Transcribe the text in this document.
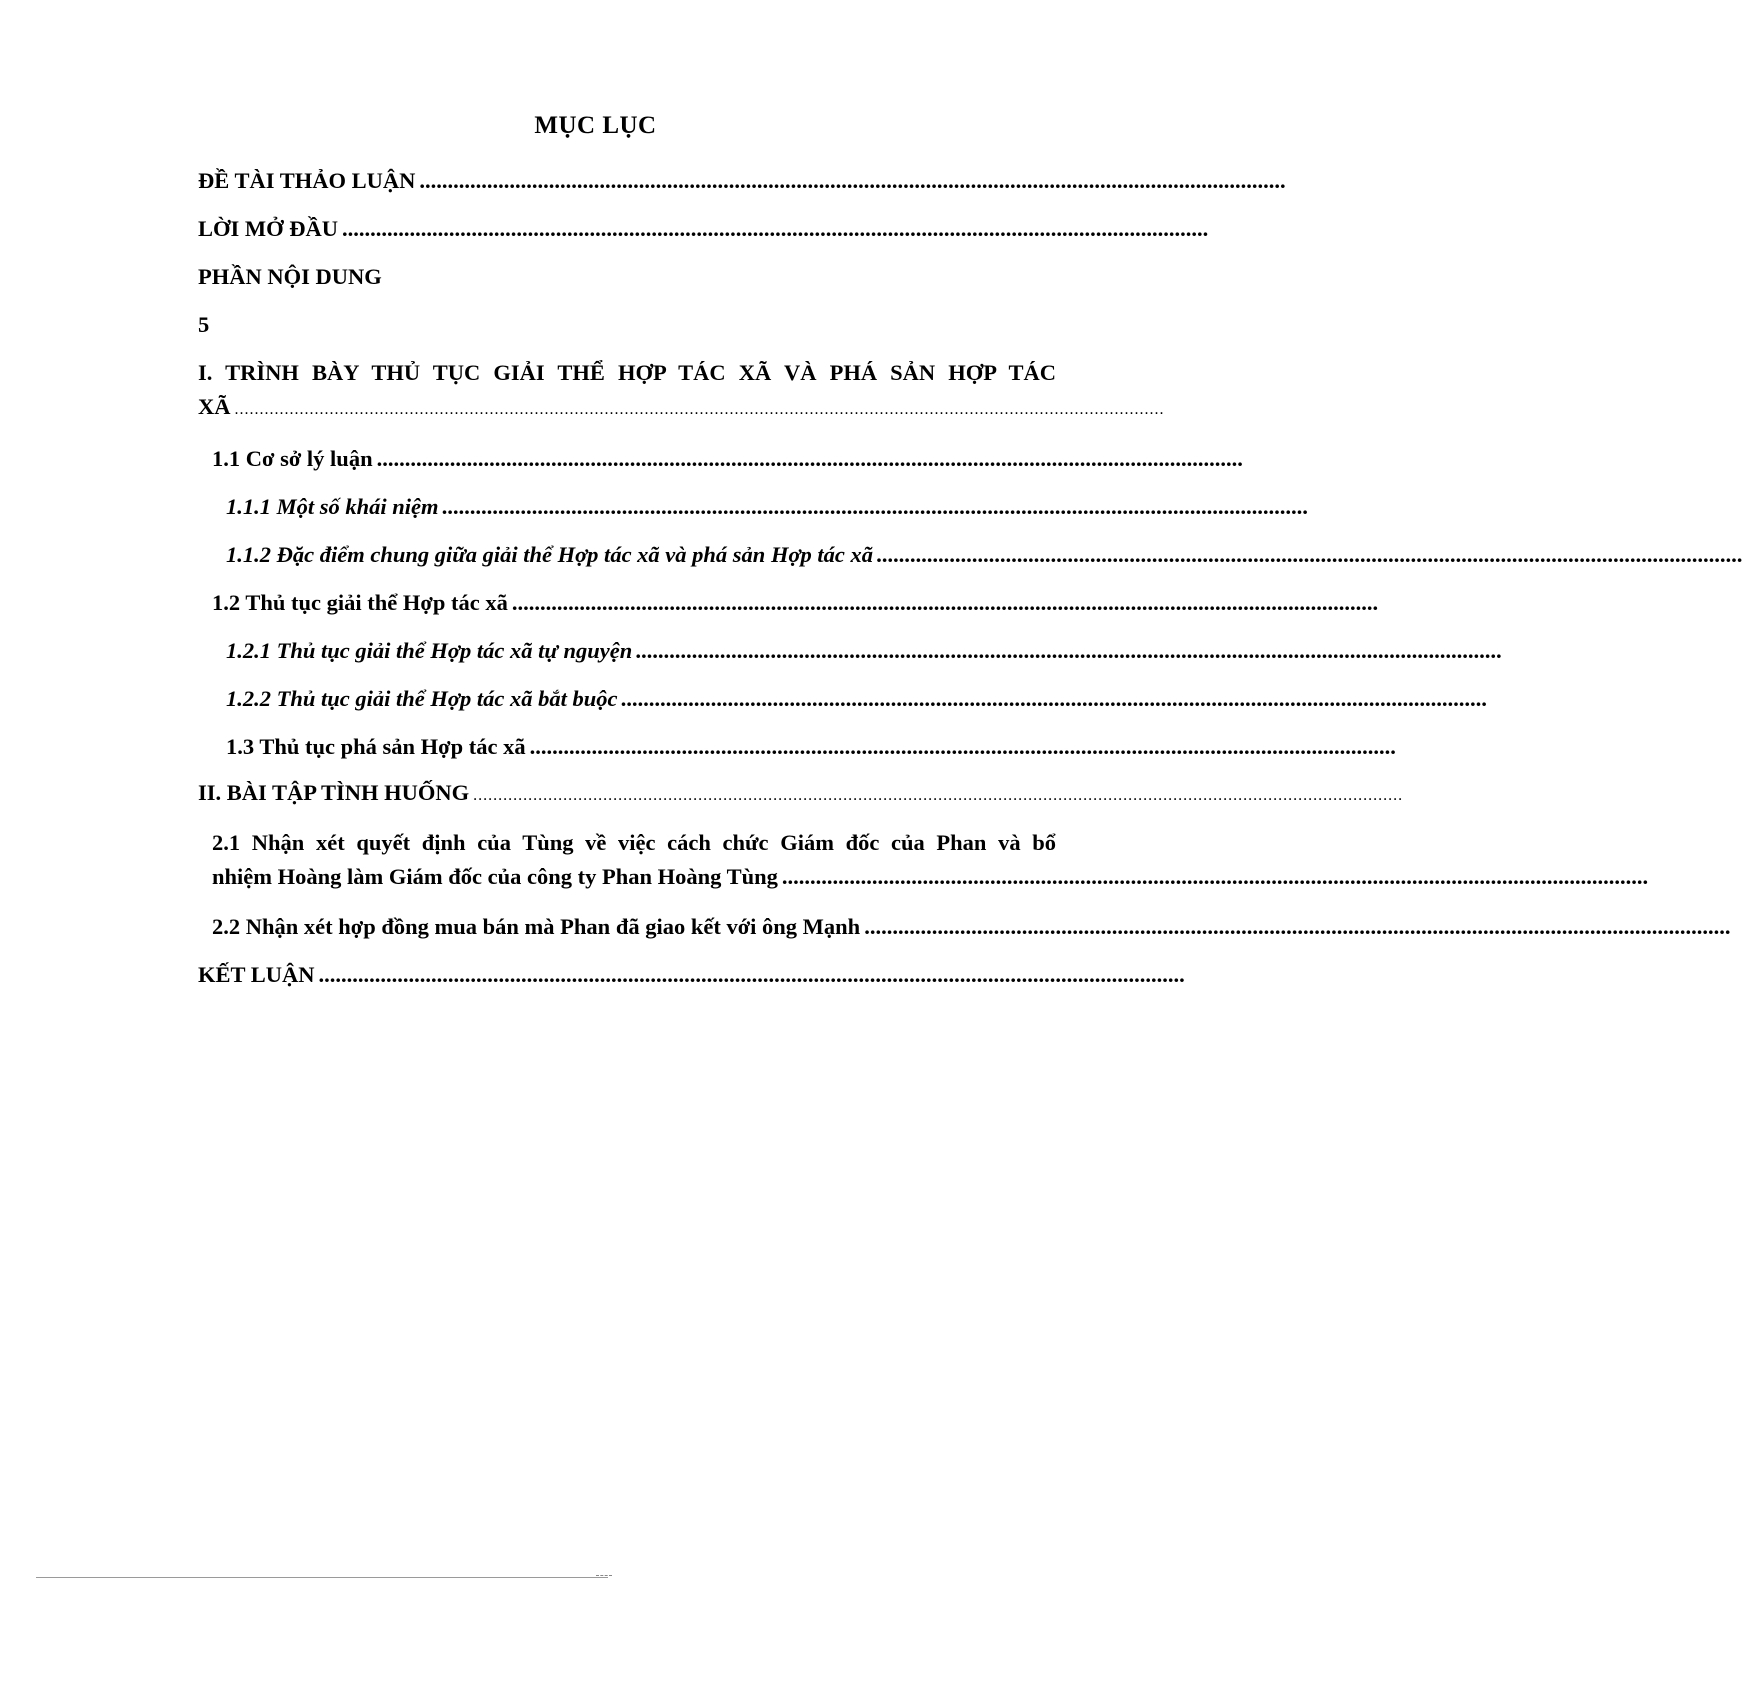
MỤC LỤC
ĐỀ TÀI THẢO LUẬN ..........................................................................................................................................................
LỜI MỞ ĐẦU ..........................................................................................................................................................
PHẦN NỘI DUNG
5
I. TRÌNH BÀY THỦ TỤC GIẢI THỂ HỢP TÁC XÃ VÀ PHÁ SẢN HỢP TÁC
XÃ ..........................................................................................................................................................................................
1.1 Cơ sở lý luận ..........................................................................................................................................................
1.1.1 Một số khái niệm ..........................................................................................................................................................
1.1.2 Đặc điểm chung giữa giải thể Hợp tác xã và phá sản Hợp tác xã ..........................................................................................................................................................
1.2 Thủ tục giải thể Hợp tác xã ..........................................................................................................................................................
1.2.1 Thủ tục giải thể Hợp tác xã tự nguyện ..........................................................................................................................................................
1.2.2 Thủ tục giải thể Hợp tác xã bắt buộc ..........................................................................................................................................................
1.3 Thủ tục phá sản Hợp tác xã ..........................................................................................................................................................
II. BÀI TẬP TÌNH HUỐNG ..........................................................................................................................................................................................
2.1 Nhận xét quyết định của Tùng về việc cách chức Giám đốc của Phan và bổ
nhiệm Hoàng làm Giám đốc của công ty Phan Hoàng Tùng ..........................................................................................................................................................
2.2 Nhận xét hợp đồng mua bán mà Phan đã giao kết với ông Mạnh ..........................................................................................................................................................
KẾT LUẬN ..........................................................................................................................................................
